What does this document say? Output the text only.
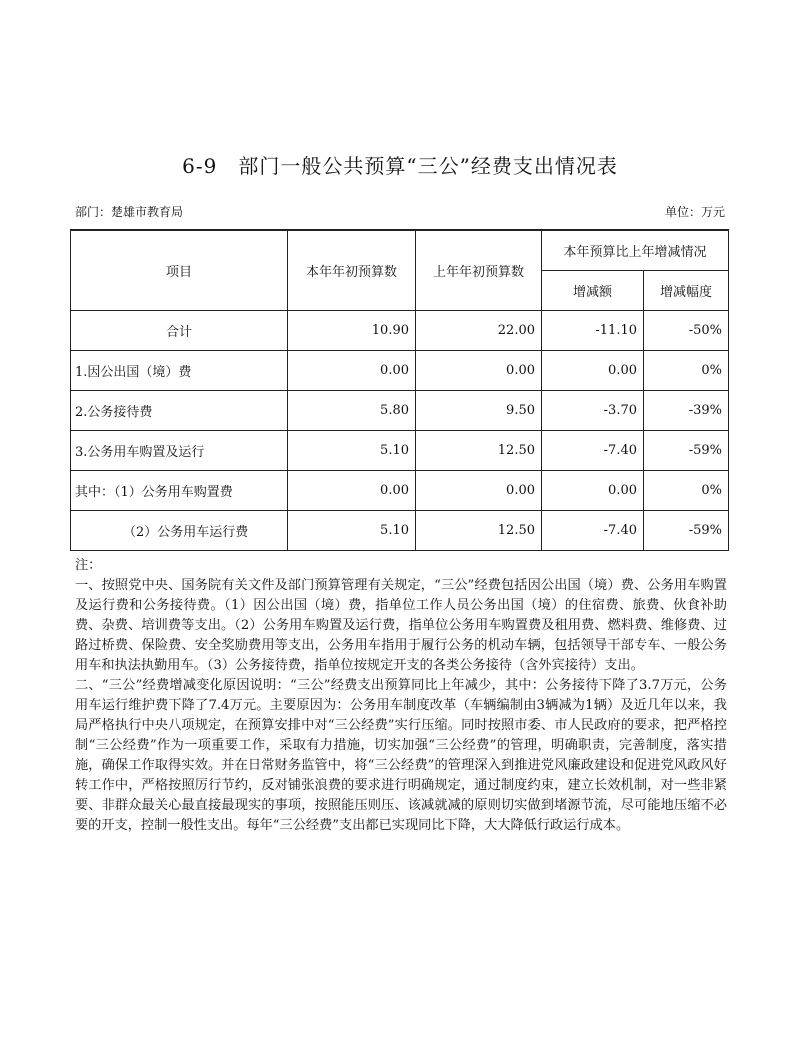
6-9　部门一般公共预算“三公”经费支出情况表
部门：楚雄市教育局	单位：万元
项目	本年年初预算数	上年年初预算数	本年预算比上年增减情况	
			增减额	增减幅度
合计	10.90	22.00	-11.10	-50%
1.因公出国（境）费	0.00	0.00	0.00	0%
2.公务接待费	5.80	9.50	-3.70	-39%
3.公务用车购置及运行	5.10	12.50	-7.40	-59%
其中：（1）公务用车购置费	0.00	0.00	0.00	0%
（2）公务用车运行费	5.10	12.50	-7.40	-59%

注：

一、按照党中央、国务院有关文件及部门预算管理有关规定，“三公”经费包括因公出国（境）费、公务用车购置及运行费和公务接待费。（1）因公出国（境）费，指单位工作人员公务出国（境）的住宿费、旅费、伙食补助费、杂费、培训费等支出。（2）公务用车购置及运行费，指单位公务用车购置费及租用费、燃料费、维修费、过路过桥费、保险费、安全奖励费用等支出，公务用车指用于履行公务的机动车辆，包括领导干部专车、一般公务用车和执法执勤用车。（3）公务接待费，指单位按规定开支的各类公务接待（含外宾接待）支出。

二、“三公”经费增减变化原因说明：“三公”经费支出预算同比上年减少，其中：公务接待下降了3.7万元，公务用车运行维护费下降了7.4万元。主要原因为：公务用车制度改革（车辆编制由3辆减为1辆）及近几年以来，我局严格执行中央八项规定，在预算安排中对“三公经费”实行压缩。同时按照市委、市人民政府的要求，把严格控制“三公经费”作为一项重要工作，采取有力措施，切实加强“三公经费”的管理，明确职责，完善制度，落实措施，确保工作取得实效。并在日常财务监管中，将“三公经费”的管理深入到推进党风廉政建设和促进党风政风好转工作中，严格按照厉行节约，反对铺张浪费的要求进行明确规定，通过制度约束，建立长效机制，对一些非紧要、非群众最关心最直接最现实的事项，按照能压则压、该减就减的原则切实做到堵源节流，尽可能地压缩不必要的开支，控制一般性支出。每年“三公经费”支出都已实现同比下降，大大降低行政运行成本。
